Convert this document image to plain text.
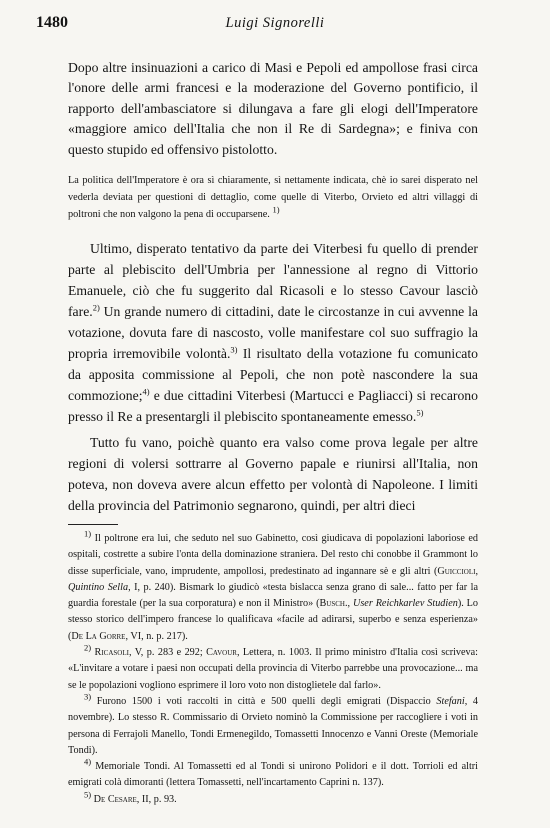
1480	Luigi Signorelli

Dopo altre insinuazioni a carico di Masi e Pepoli ed ampollose frasi circa l'onore delle armi francesi e la moderazione del Governo pontificio, il rapporto dell'ambasciatore si dilungava a fare gli elogi dell'Imperatore «maggiore amico dell'Italia che non il Re di Sardegna»; e finiva con questo stupido ed offensivo pistolotto.

La politica dell'Imperatore è ora sì chiaramente, sì nettamente indicata, chè io sarei disperato nel vederla deviata per questioni di dettaglio, come quelle di Viterbo, Orvieto ed altri villaggi di poltroni che non valgono la pena di occuparsene. $^{1)}$

Ultimo, disperato tentativo da parte dei Viterbesi fu quello di prender parte al plebiscito dell'Umbria per l'annessione al regno di Vittorio Emanuele, ciò che fu suggerito dal Ricasoli e lo stesso Cavour lasciò fare.$^{2)}$ Un grande numero di cittadini, date le circostanze in cui avvenne la votazione, dovuta fare di nascosto, volle manifestare col suo suffragio la propria irremovibile volontà.$^{3)}$ Il risultato della votazione fu comunicato da apposita commissione al Pepoli, che non potè nascondere la sua commozione;$^{4)}$ e due cittadini Viterbesi (Martucci e Pagliacci) si recarono presso il Re a presentargli il plebiscito spontaneamente emesso.$^{5)}$

Tutto fu vano, poichè quanto era valso come prova legale per altre regioni di volersi sottrarre al Governo papale e riunirsi all'Italia, non poteva, non doveva avere alcun effetto per volontà di Napoleone. I limiti della provincia del Patrimonio segnarono, quindi, per altri dieci

$^{1)}$ Il poltrone era lui, che seduto nel suo Gabinetto, così giudicava di popolazioni laboriose ed ospitali, costrette a subire l'onta della dominazione straniera. Del resto chi conobbe il Grammont lo disse superficiale, vano, imprudente, ampollosi, predestinato ad ingannare sè e gli altri (Guiccioli, Quintino Sella, I, p. 240). Bismark lo giudicò «testa bislacca senza grano di sale... fatto per far la guardia forestale (per la sua corporatura) e non il Ministro» (Busch., User Reichkarlev Studien). Lo stesso storico dell'impero francese lo qualificava «facile ad adirarsi, superbo e senza esperienza» (De La Gorre, VI, n. p. 217).

$^{2)}$ Ricasoli, V, p. 283 e 292; Cavour, Lettera, n. 1003. Il primo ministro d'Italia così scriveva: «L'invitare a votare i paesi non occupati della provincia di Viterbo parrebbe una provocazione... ma se le popolazioni vogliono esprimere il loro voto non distoglietele dal farlo».

$^{3)}$ Furono 1500 i voti raccolti in città e 500 quelli degli emigrati (Dispaccio Stefani, 4 novembre). Lo stesso R. Commissario di Orvieto nominò la Commissione per raccogliere i voti in persona di Ferrajoli Manello, Tondi Ermenegildo, Tomassetti Innocenzo e Vanni Oreste (Memoriale Tondi).

$^{4)}$ Memoriale Tondi. Al Tomassetti ed al Tondi si unirono Polidori e il dott. Torrioli ed altri emigrati colà dimoranti (lettera Tomassetti, nell'incartamento Caprini n. 137).

$^{5)}$ De Cesare, II, p. 93.
